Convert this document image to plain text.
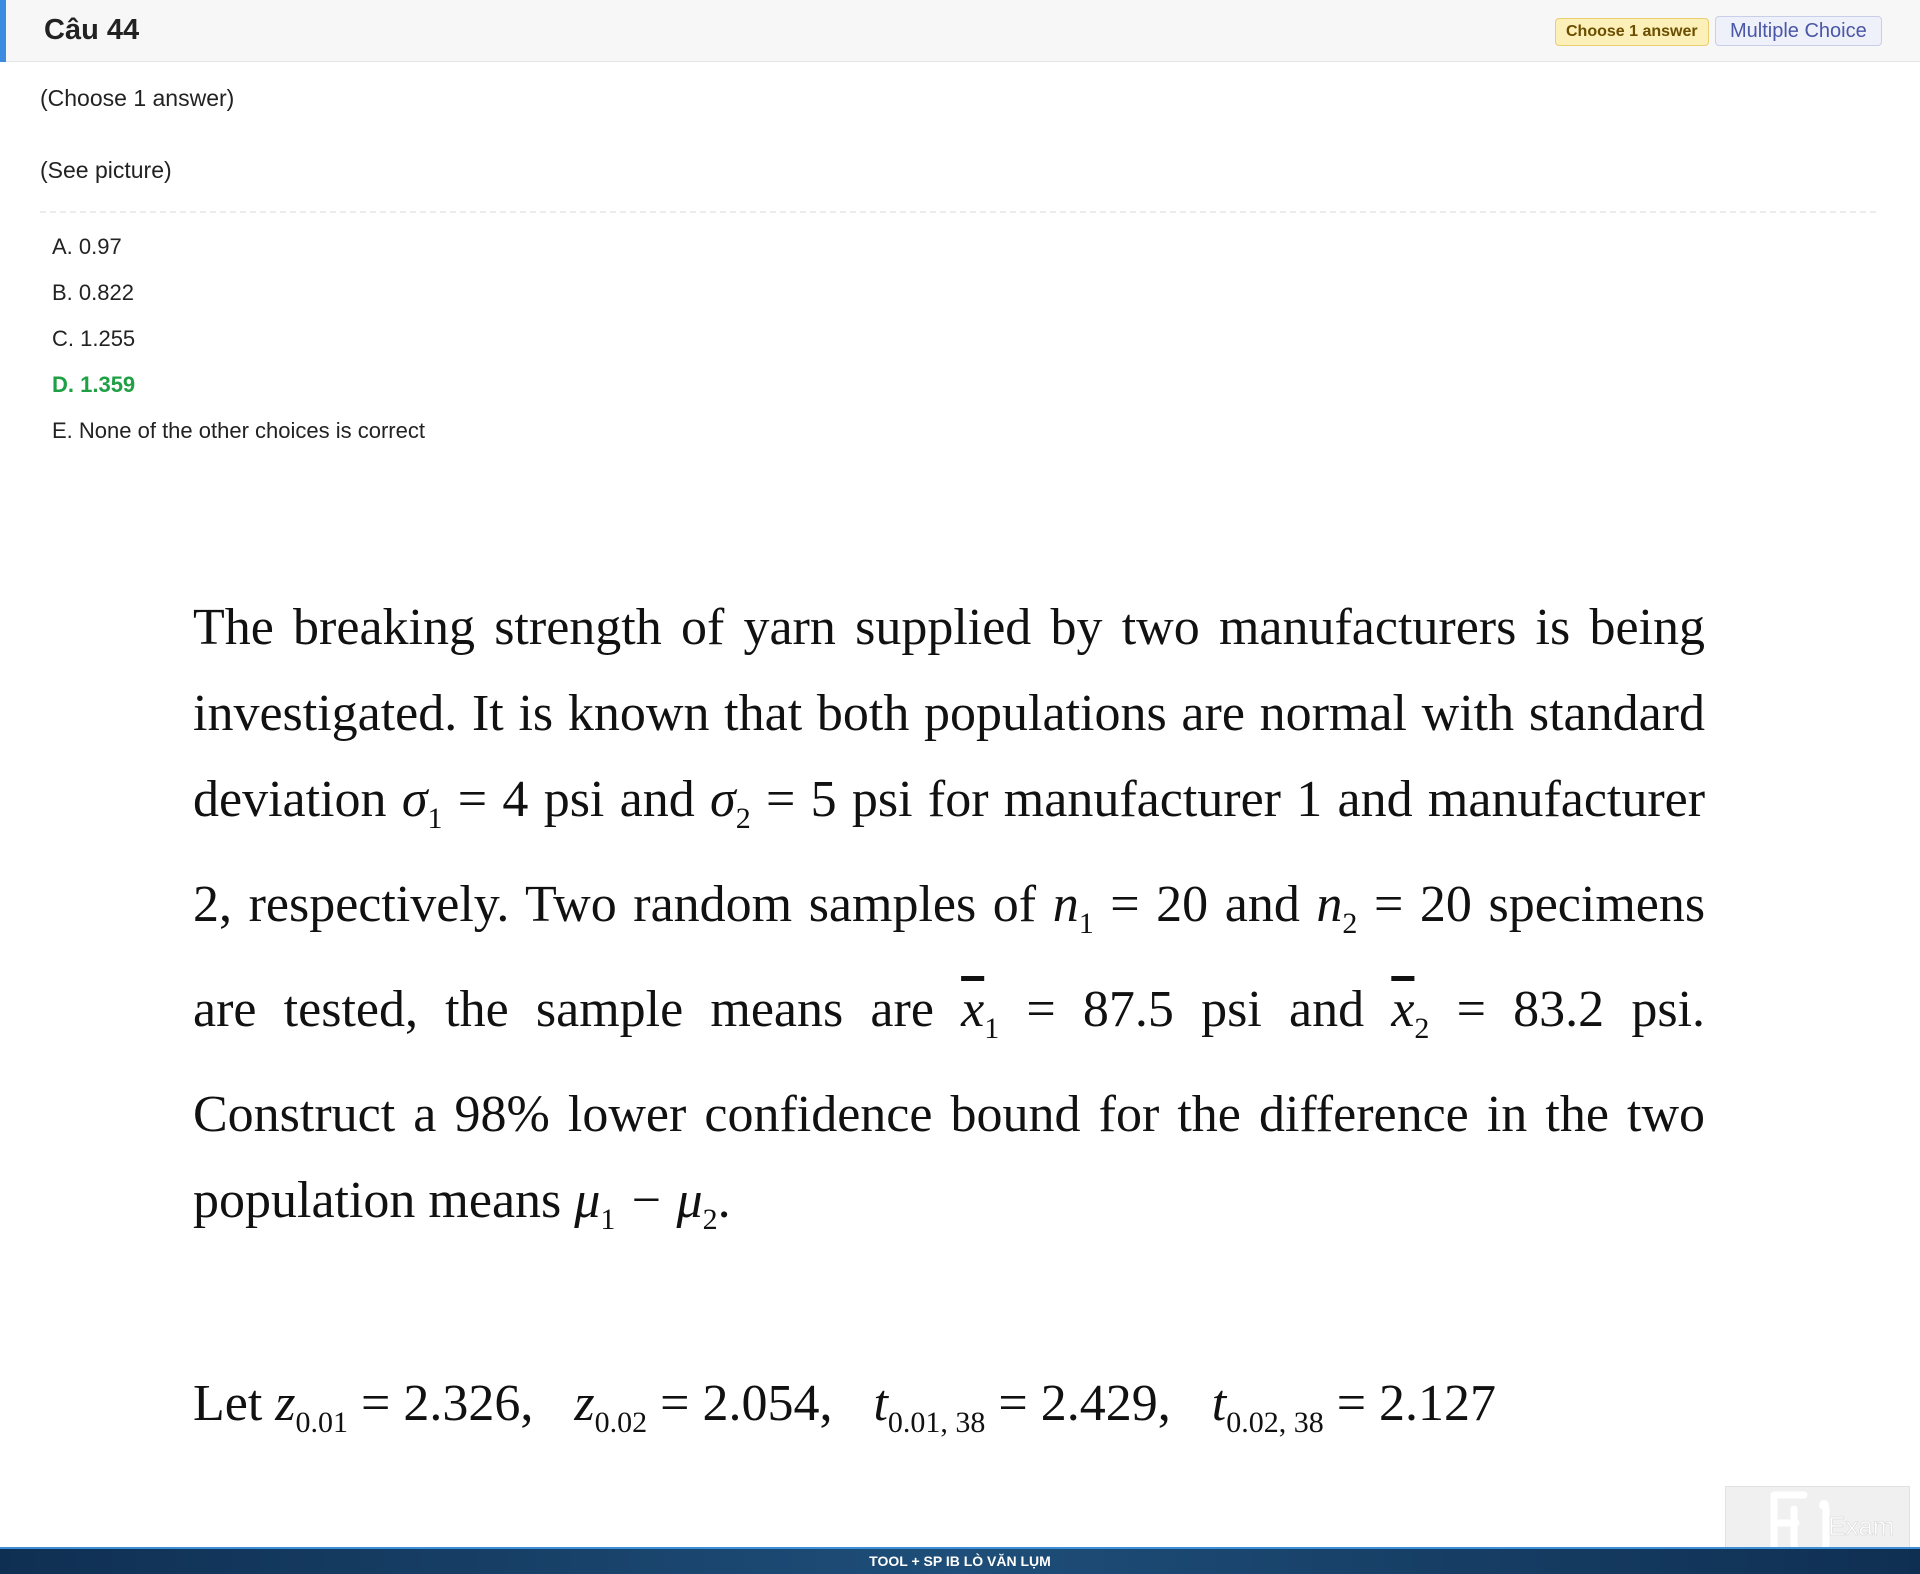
Câu 44	Choose 1 answer	Multiple Choice
(Choose 1 answer)
(See picture)
A. 0.97
B. 0.822
C. 1.255
D. 1.359
E. None of the other choices is correct

The breaking strength of yarn supplied by two manufacturers is being investigated. It is known that both populations are normal with standard deviation $\sigma_1 = 4$ psi and $\sigma_2 = 5$ psi for manufacturer 1 and manufacturer 2, respectively. Two random samples of $n_1 = 20$ and $n_2 = 20$ specimens are tested, the sample means are $\overline{x}_1 = 87.5$ psi and $\overline{x}_2 = 83.2$ psi. Construct a 98% lower confidence bound for the difference in the two population means $\mu_1 - \mu_2$.

Let $z_{0.01} = 2.326$, $z_{0.02} = 2.054$, $t_{0.01, 38} = 2.429$, $t_{0.02, 38} = 2.127$

Exam
TOOL + SP IB LÒ VĂN LỤM
